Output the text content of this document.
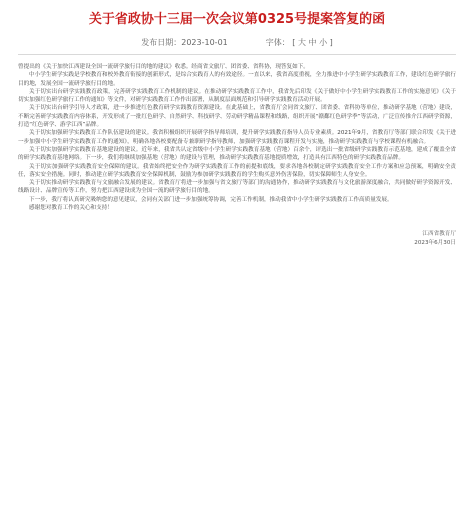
关于省政协十三届一次会议第0325号提案答复的函
发布日期：2023-10-01	字体： [ 大 中 小 ]

曾提出的《关于加快江西建设全国一流研学旅行目的地的建议》收悉。经商省文旅厅、团省委、省科协，现答复如下。

中小学生研学实践是学校教育和校外教育衔接的创新形式，是综合实践育人的有效途径。一直以来，我省高度重视，全力推进中小学生研学实践教育工作，建设红色研学旅行目的地，发展全国一流研学旅行目的地。

关于切实出台研学实践教育政策，完善研学实践教育工作机制的建议。在推动研学实践教育工作中，我省先后印发《关于做好中小学生研学实践教育工作的实施意见》《关于切实加强红色研学旅行工作的通知》等文件，对研学实践教育工作作出部署，从制度层面规范和引导研学实践教育活动开展。

关于切实出台研学引导人才政策，进一步推进红色教育研学实践教育资源建设。在此基础上，省教育厅会同省文旅厅、团省委、省科协等单位，推动研学基地（营地）建设，不断完善研学实践教育内容体系，开发形成了一批红色研学、自然研学、科技研学、劳动研学精品课程和线路，组织开展“赣鄱红色研学季”等活动，广泛宣传推介江西研学资源，打造“红色研学、游学江西”品牌。

关于切实加强研学实践教育工作队伍建设的建议。我省积极组织开展研学指导师培训，提升研学实践教育指导人员专业素质。2021年9月，省教育厅等部门联合印发《关于进一步加强中小学生研学实践教育工作的通知》，明确各地各校要配备专兼职研学指导教师，加强研学实践教育课程开发与实施，推动研学实践教育与学校课程有机融合。

关于切实加强研学实践教育基地建设的建议。近年来，我省共认定省级中小学生研学实践教育基地（营地）百余个，评选出一批省级研学实践教育示范基地，建成了覆盖全省的研学实践教育基地网络。下一步，我们将继续加强基地（营地）的建设与管理，推动研学实践教育基地提质增效，打造具有江西特色的研学实践教育品牌。

关于切实加强研学实践教育安全保障的建议。我省始终把安全作为研学实践教育工作的前提和底线，要求各地各校制定研学实践教育安全工作方案和应急预案，明确安全责任，落实安全措施。同时，推动建立研学实践教育安全保障机制，鼓励为参加研学实践教育的学生购买意外伤害保险，切实保障师生人身安全。

关于切实推动研学实践教育与文旅融合发展的建议。省教育厅将进一步加强与省文旅厅等部门的沟通协作，推动研学实践教育与文化旅游深度融合，共同做好研学资源开发、线路设计、品牌宣传等工作，努力把江西建设成为全国一流的研学旅行目的地。

下一步，我厅将认真研究吸纳您的意见建议，会同有关部门进一步加强统筹协调，完善工作机制，推动我省中小学生研学实践教育工作高质量发展。

感谢您对教育工作的关心和支持！

江西省教育厅

2023年6月30日
